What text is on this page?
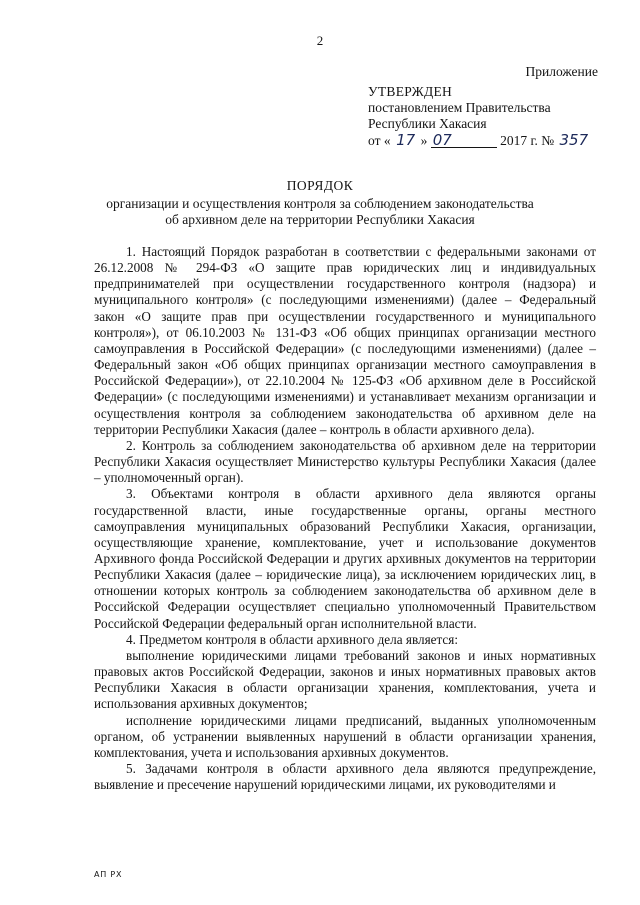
2
Приложение
УТВЕРЖДЕН
постановлением Правительства
Республики Хакасия
от « 17 » 07	2017 г. № 357
ПОРЯДОК
организации и осуществления контроля за соблюдением законодательства
об архивном деле на территории Республики Хакасия

1. Настоящий Порядок разработан в соответствии с федеральными законами от 26.12.2008 № 294-ФЗ «О защите прав юридических лиц и индивидуальных предпринимателей при осуществлении государственного контроля (надзора) и муниципального контроля» (с последующими изменениями) (далее – Федеральный закон «О защите прав при осуществлении государственного и муниципального контроля»), от 06.10.2003 № 131-ФЗ «Об общих принципах организации местного самоуправления в Российской Федерации» (с последующими изменениями) (далее – Федеральный закон «Об общих принципах организации местного самоуправления в Российской Федерации»), от 22.10.2004 № 125-ФЗ «Об архивном деле в Российской Федерации» (с последующими изменениями) и устанавливает механизм организации и осуществления контроля за соблюдением законодательства об архивном деле на территории Республики Хакасия (далее – контроль в области архивного дела).

2. Контроль за соблюдением законодательства об архивном деле на территории Республики Хакасия осуществляет Министерство культуры Республики Хакасия (далее – уполномоченный орган).

3. Объектами контроля в области архивного дела являются органы государственной власти, иные государственные органы, органы местного самоуправления муниципальных образований Республики Хакасия, организации, осуществляющие хранение, комплектование, учет и использование документов Архивного фонда Российской Федерации и других архивных документов на территории Республики Хакасия (далее – юридические лица), за исключением юридических лиц, в отношении которых контроль за соблюдением законодательства об архивном деле в Российской Федерации осуществляет специально уполномоченный Правительством Российской Федерации федеральный орган исполнительной власти.

4. Предметом контроля в области архивного дела является:

выполнение юридическими лицами требований законов и иных нормативных правовых актов Российской Федерации, законов и иных нормативных правовых актов Республики Хакасия в области организации хранения, комплектования, учета и использования архивных документов;

исполнение юридическими лицами предписаний, выданных уполномоченным органом, об устранении выявленных нарушений в области организации хранения, комплектования, учета и использования архивных документов.

5. Задачами контроля в области архивного дела являются предупреждение, выявление и пресечение нарушений юридическими лицами, их руководителями и

АП РХ
